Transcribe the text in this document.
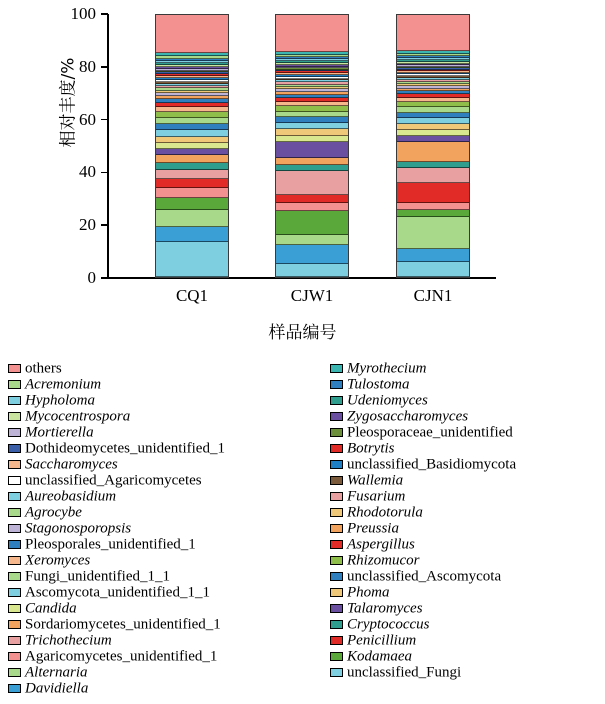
相对丰度/%
0
20
40
60
80
100
CQ1	CJW1	CJN1
样品编号
others
Acremonium
Hypholoma
Mycocentrospora
Mortierella
Dothideomycetes_unidentified_1
Saccharomyces
unclassified_Agaricomycetes
Aureobasidium
Agrocybe
Stagonosporopsis
Pleosporales_unidentified_1
Xeromyces
Fungi_unidentified_1_1
Ascomycota_unidentified_1_1
Candida
Sordariomycetes_unidentified_1
Trichothecium
Agaricomycetes_unidentified_1
Alternaria
Davidiella
Myrothecium
Tulostoma
Udeniomyces
Zygosaccharomyces
Pleosporaceae_unidentified
Botrytis
unclassified_Basidiomycota
Wallemia
Fusarium
Rhodotorula
Preussia
Aspergillus
Rhizomucor
unclassified_Ascomycota
Phoma
Talaromyces
Cryptococcus
Penicillium
Kodamaea
unclassified_Fungi
